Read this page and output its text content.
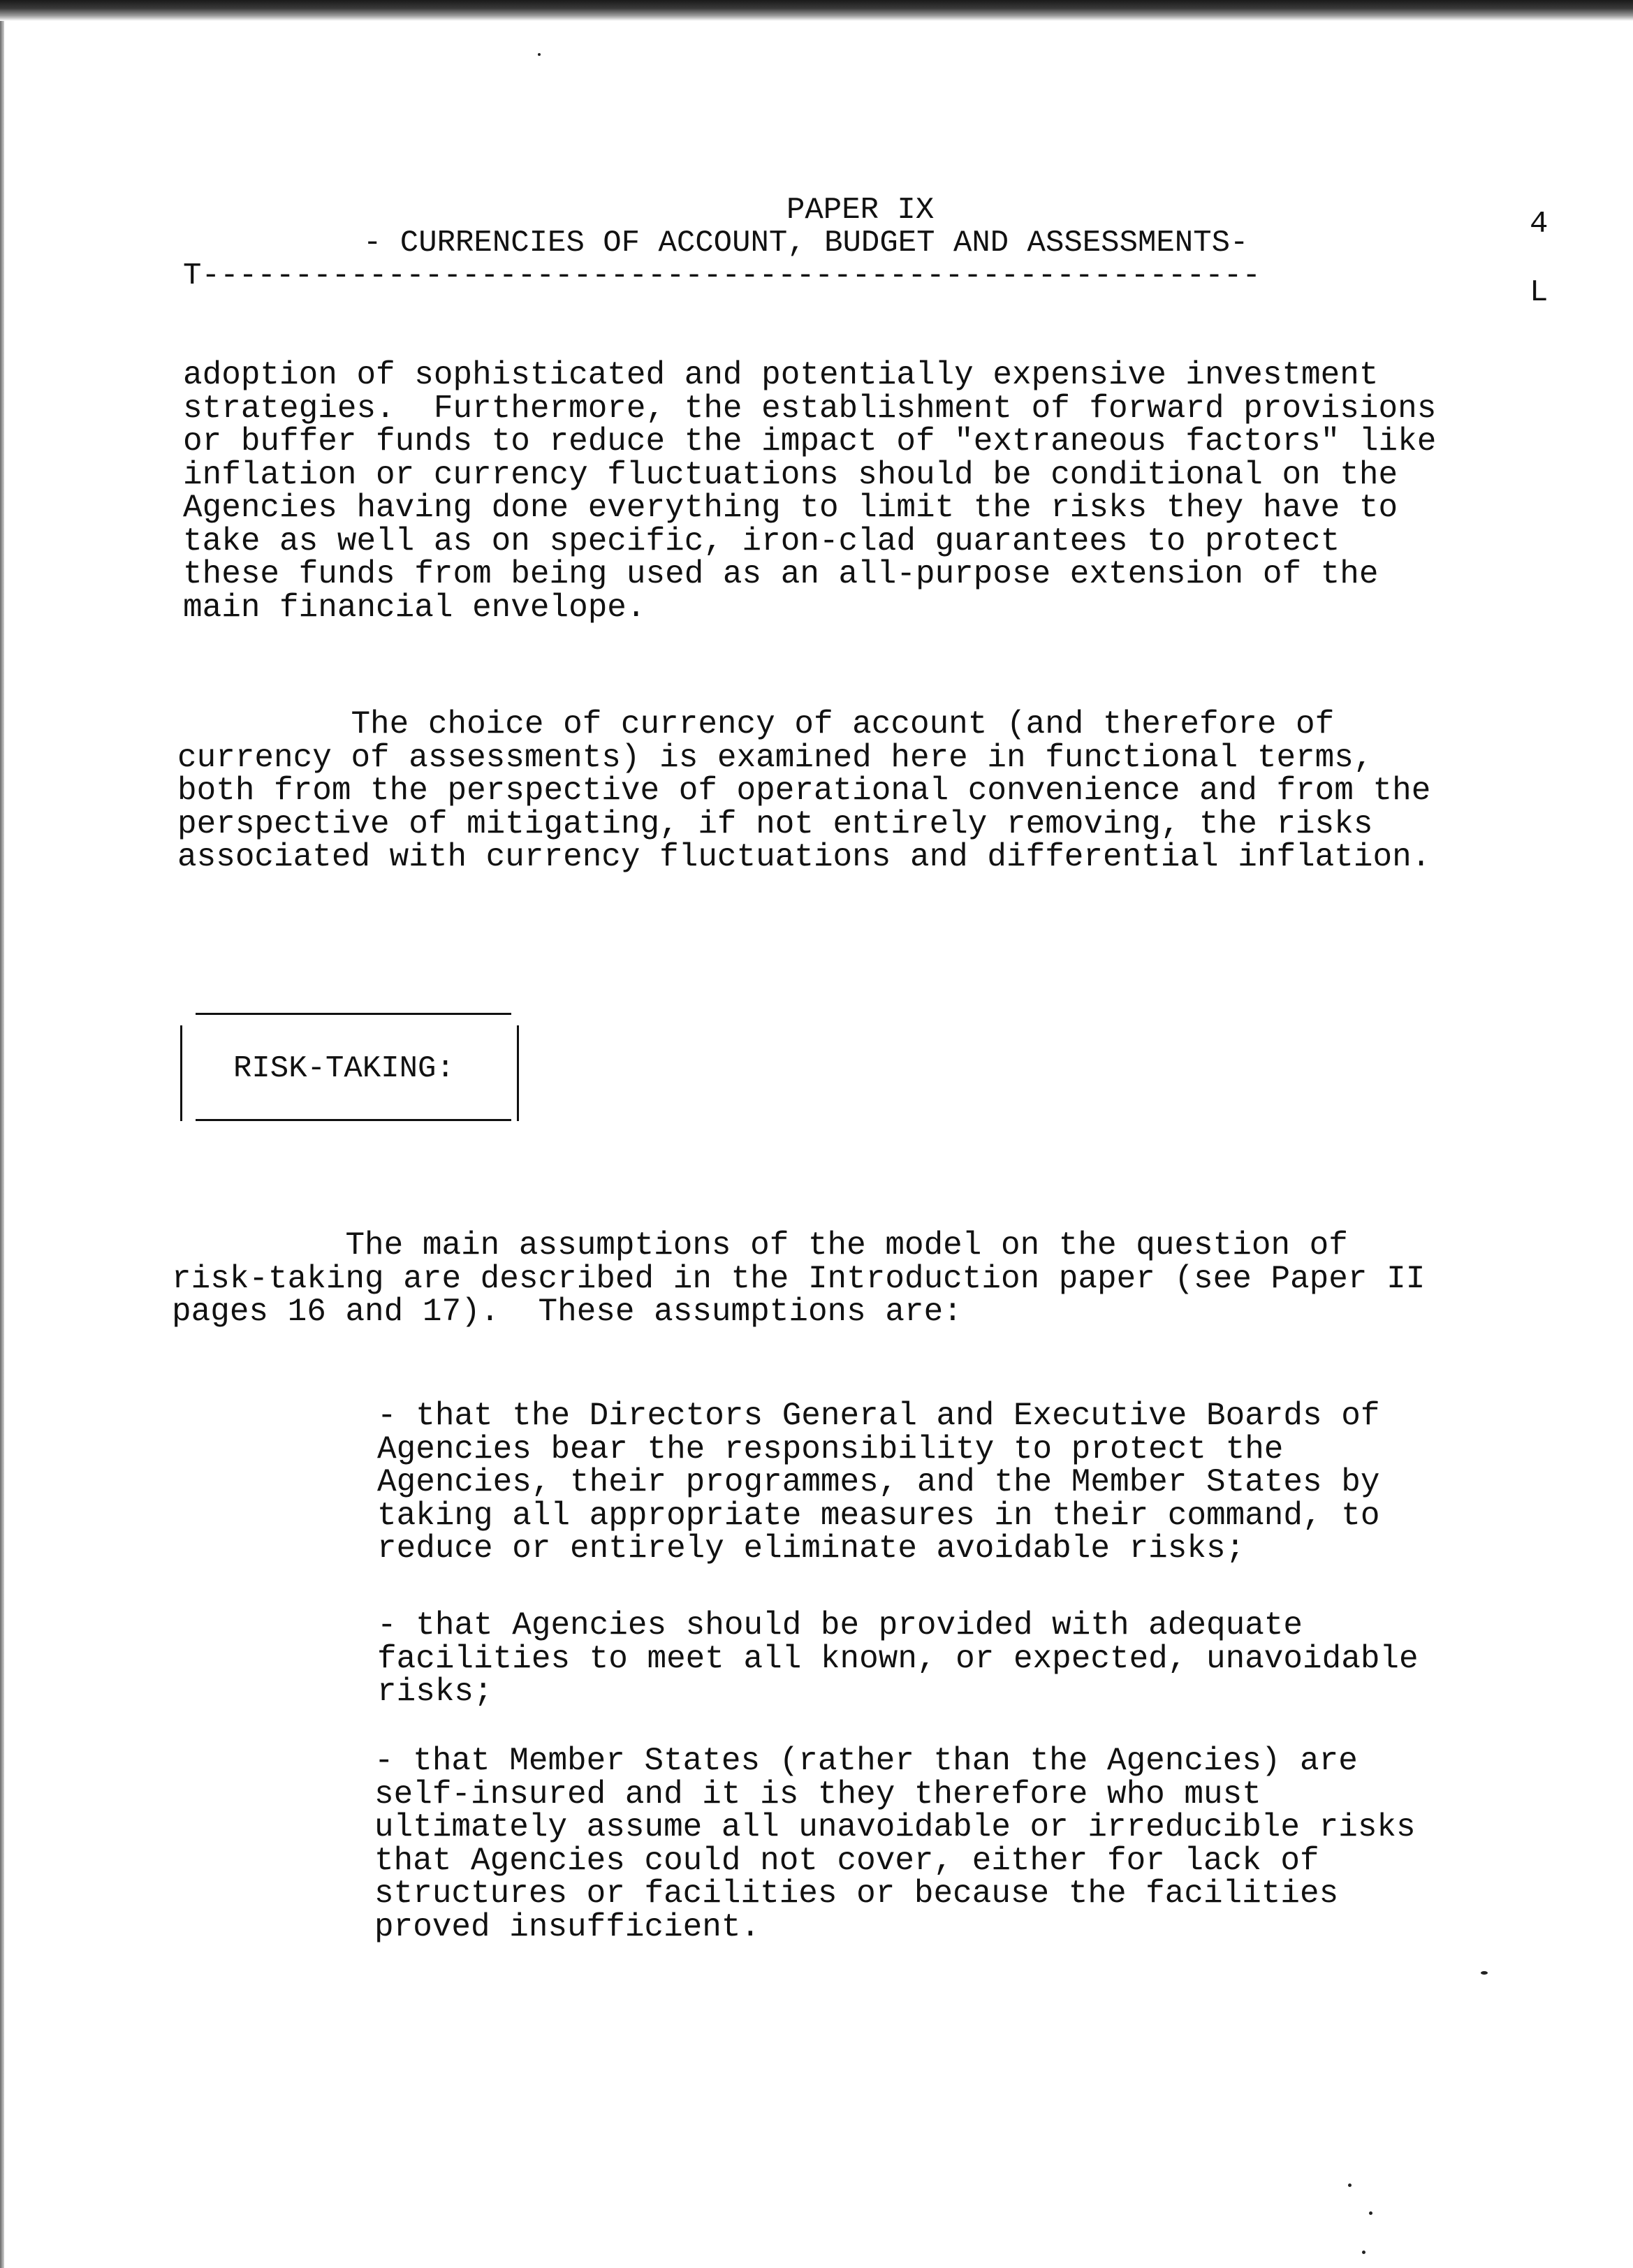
PAPER IX	4
- CURRENCIES OF ACCOUNT, BUDGET AND ASSESSMENTS-
T---------------------------------------------------------	L

adoption of sophisticated and potentially expensive investment
strategies.  Furthermore, the establishment of forward provisions
or buffer funds to reduce the impact of "extraneous factors" like
inflation or currency fluctuations should be conditional on the
Agencies having done everything to limit the risks they have to
take as well as on specific, iron-clad guarantees to protect
these funds from being used as an all-purpose extension of the
main financial envelope.

The choice of currency of account (and therefore of
currency of assessments) is examined here in functional terms,
both from the perspective of operational convenience and from the
perspective of mitigating, if not entirely removing, the risks
associated with currency fluctuations and differential inflation.

RISK-TAKING:

The main assumptions of the model on the question of
risk-taking are described in the Introduction paper (see Paper II
pages 16 and 17).  These assumptions are:

- that the Directors General and Executive Boards of
Agencies bear the responsibility to protect the
Agencies, their programmes, and the Member States by
taking all appropriate measures in their command, to
reduce or entirely eliminate avoidable risks;

- that Agencies should be provided with adequate
facilities to meet all known, or expected, unavoidable
risks;

- that Member States (rather than the Agencies) are
self-insured and it is they therefore who must
ultimately assume all unavoidable or irreducible risks
that Agencies could not cover, either for lack of
structures or facilities or because the facilities
proved insufficient.
